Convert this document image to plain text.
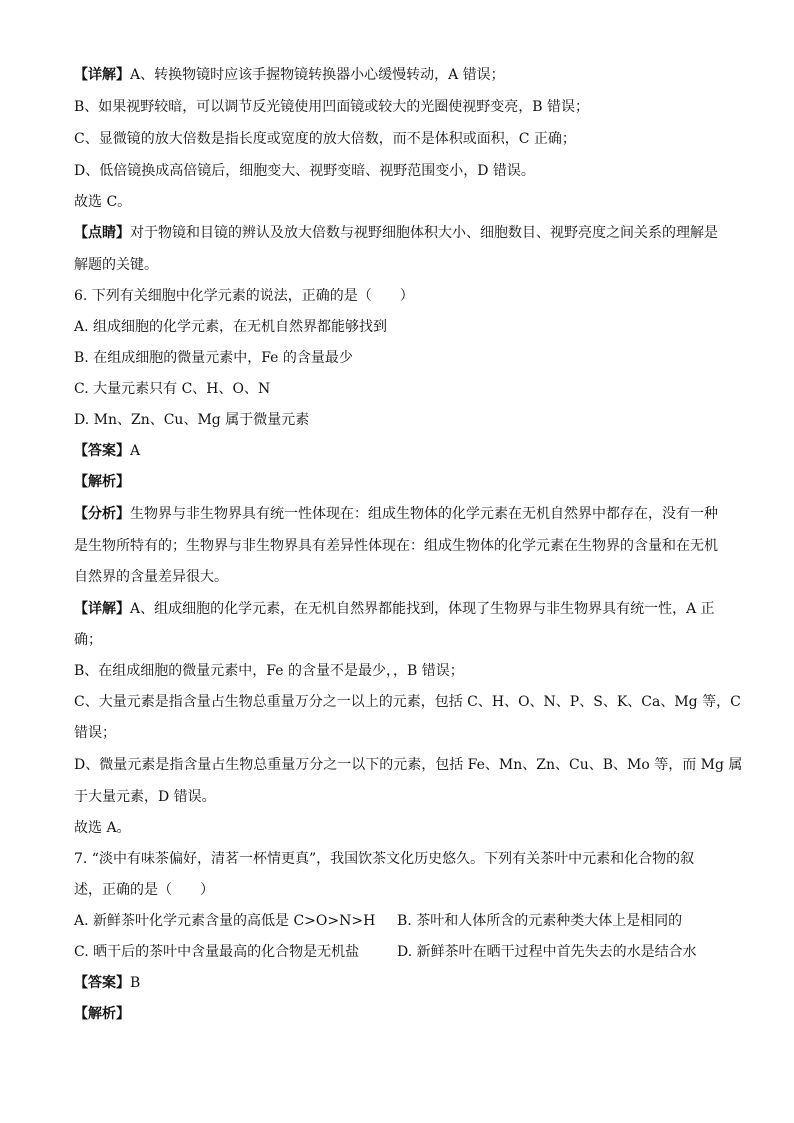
【详解】A、转换物镜时应该手握物镜转换器小心缓慢转动，A 错误；
B、如果视野较暗，可以调节反光镜使用凹面镜或较大的光圈使视野变亮，B 错误；
C、显微镜的放大倍数是指长度或宽度的放大倍数，而不是体积或面积，C 正确；
D、低倍镜换成高倍镜后，细胞变大、视野变暗、视野范围变小，D 错误。
故选 C。
【点睛】对于物镜和目镜的辨认及放大倍数与视野细胞体积大小、细胞数目、视野亮度之间关系的理解是
解题的关键。
6. 下列有关细胞中化学元素的说法，正确的是（　　）
A. 组成细胞的化学元素，在无机自然界都能够找到
B. 在组成细胞的微量元素中，Fe 的含量最少
C. 大量元素只有 C、H、O、N
D. Mn、Zn、Cu、Mg 属于微量元素
【答案】A
【解析】
【分析】生物界与非生物界具有统一性体现在：组成生物体的化学元素在无机自然界中都存在，没有一种
是生物所特有的；生物界与非生物界具有差异性体现在：组成生物体的化学元素在生物界的含量和在无机
自然界的含量差异很大。
【详解】A、组成细胞的化学元素，在无机自然界都能找到，体现了生物界与非生物界具有统一性，A 正
确；
B、在组成细胞的微量元素中，Fe 的含量不是最少，，B 错误；
C、大量元素是指含量占生物总重量万分之一以上的元素，包括 C、H、O、N、P、S、K、Ca、Mg 等，C
错误；
D、微量元素是指含量占生物总重量万分之一以下的元素，包括 Fe、Mn、Zn、Cu、B、Mo 等，而 Mg 属
于大量元素，D 错误。
故选 A。
7. “淡中有味茶偏好，清茗一杯情更真”，我国饮茶文化历史悠久。下列有关茶叶中元素和化合物的叙
述，正确的是（　　）
A. 新鲜茶叶化学元素含量的高低是 C>O>N>H B. 茶叶和人体所含的元素种类大体上是相同的
C. 晒干后的茶叶中含量最高的化合物是无机盐	D. 新鲜茶叶在晒干过程中首先失去的水是结合水
【答案】B
【解析】
